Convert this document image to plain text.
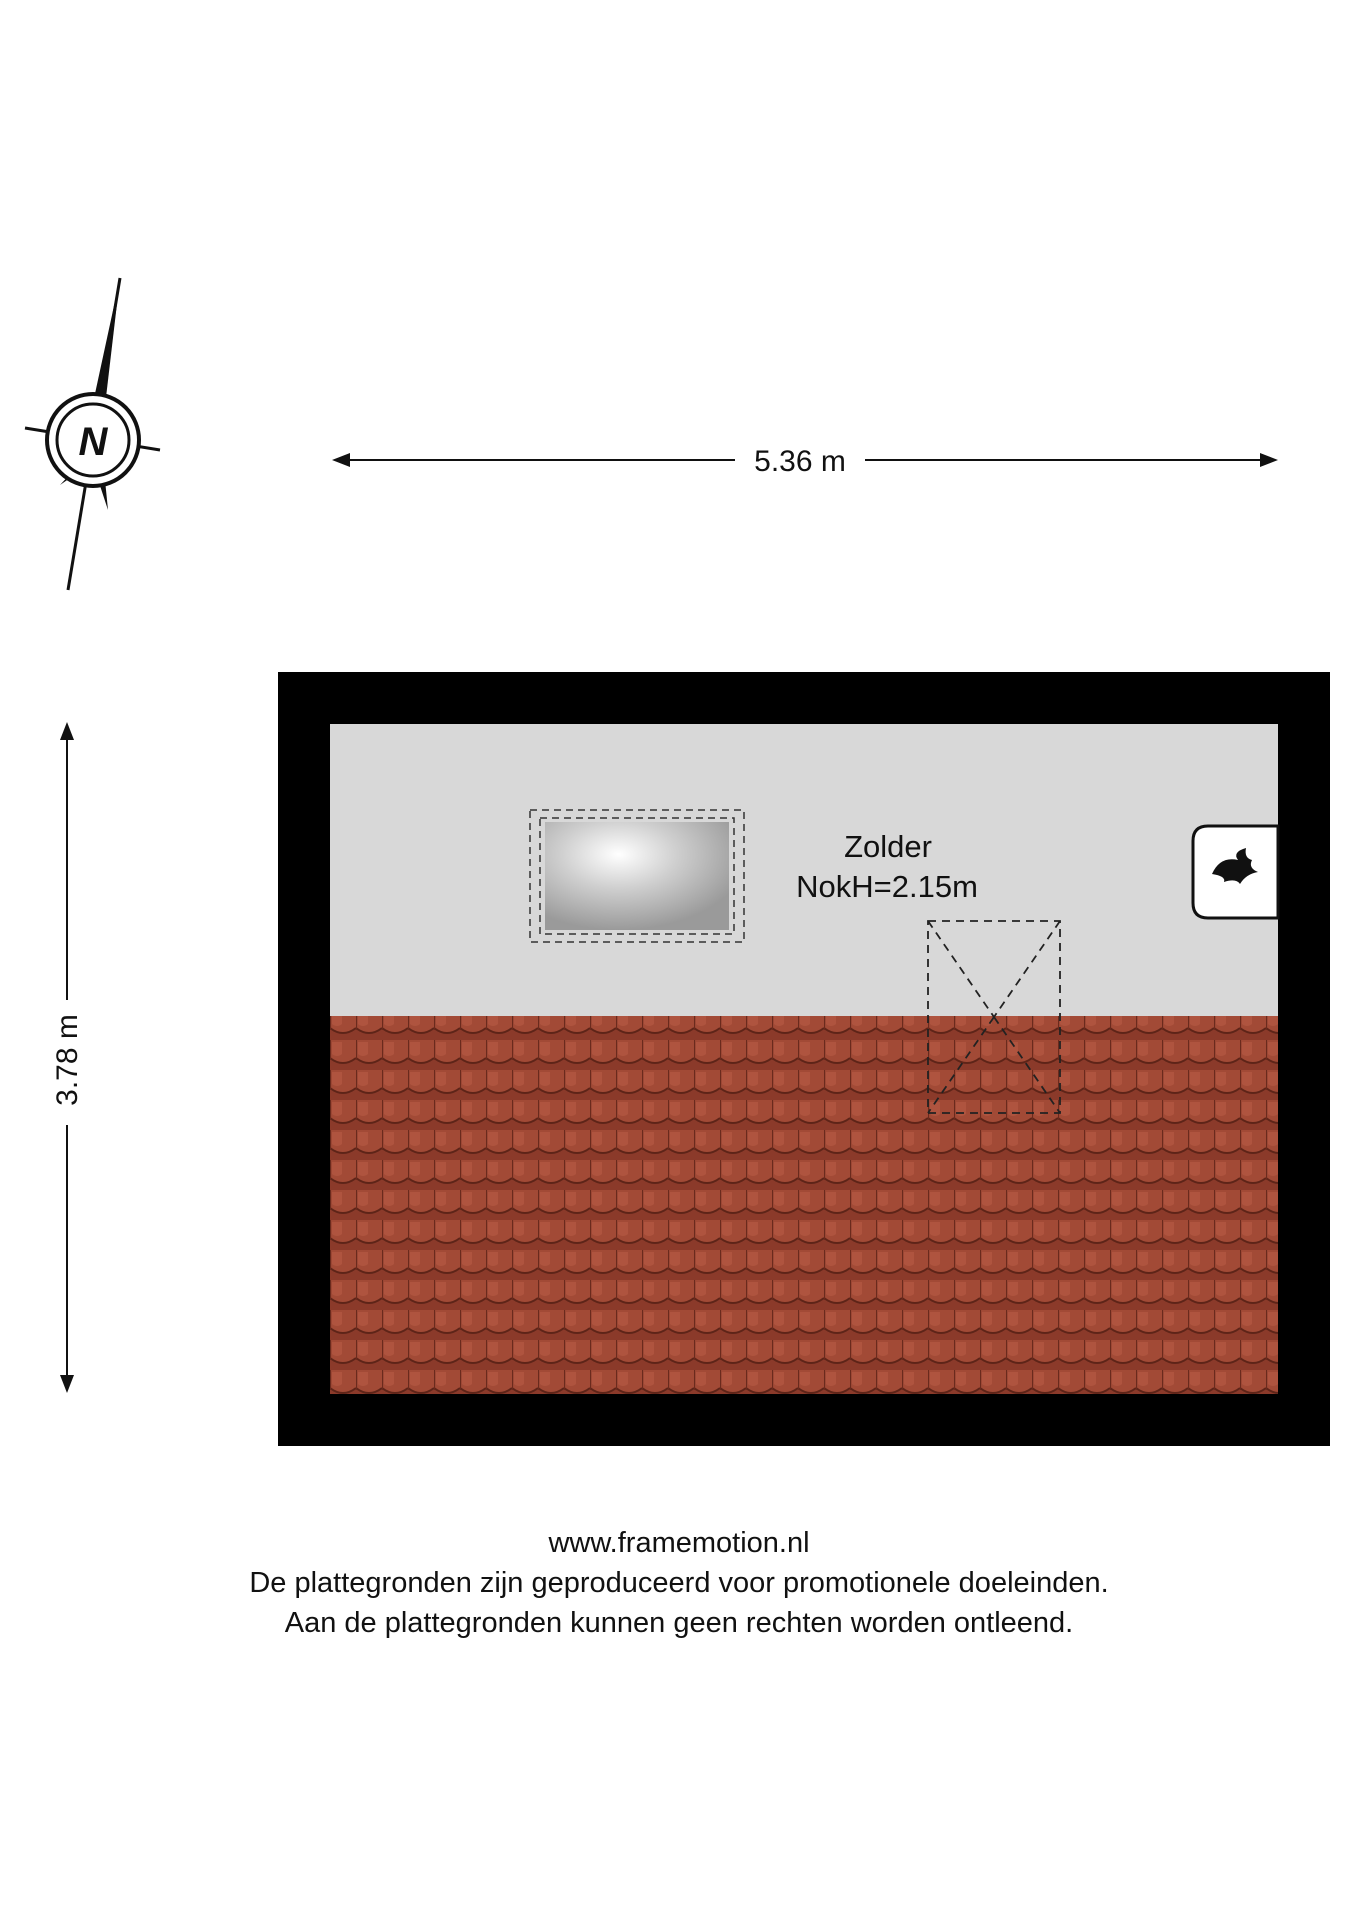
N	5.36 m
3.78 m
Zolder
NokH=2.15m
www.framemotion.nl
De plattegronden zijn geproduceerd voor promotionele doeleinden.
Aan de plattegronden kunnen geen rechten worden ontleend.
